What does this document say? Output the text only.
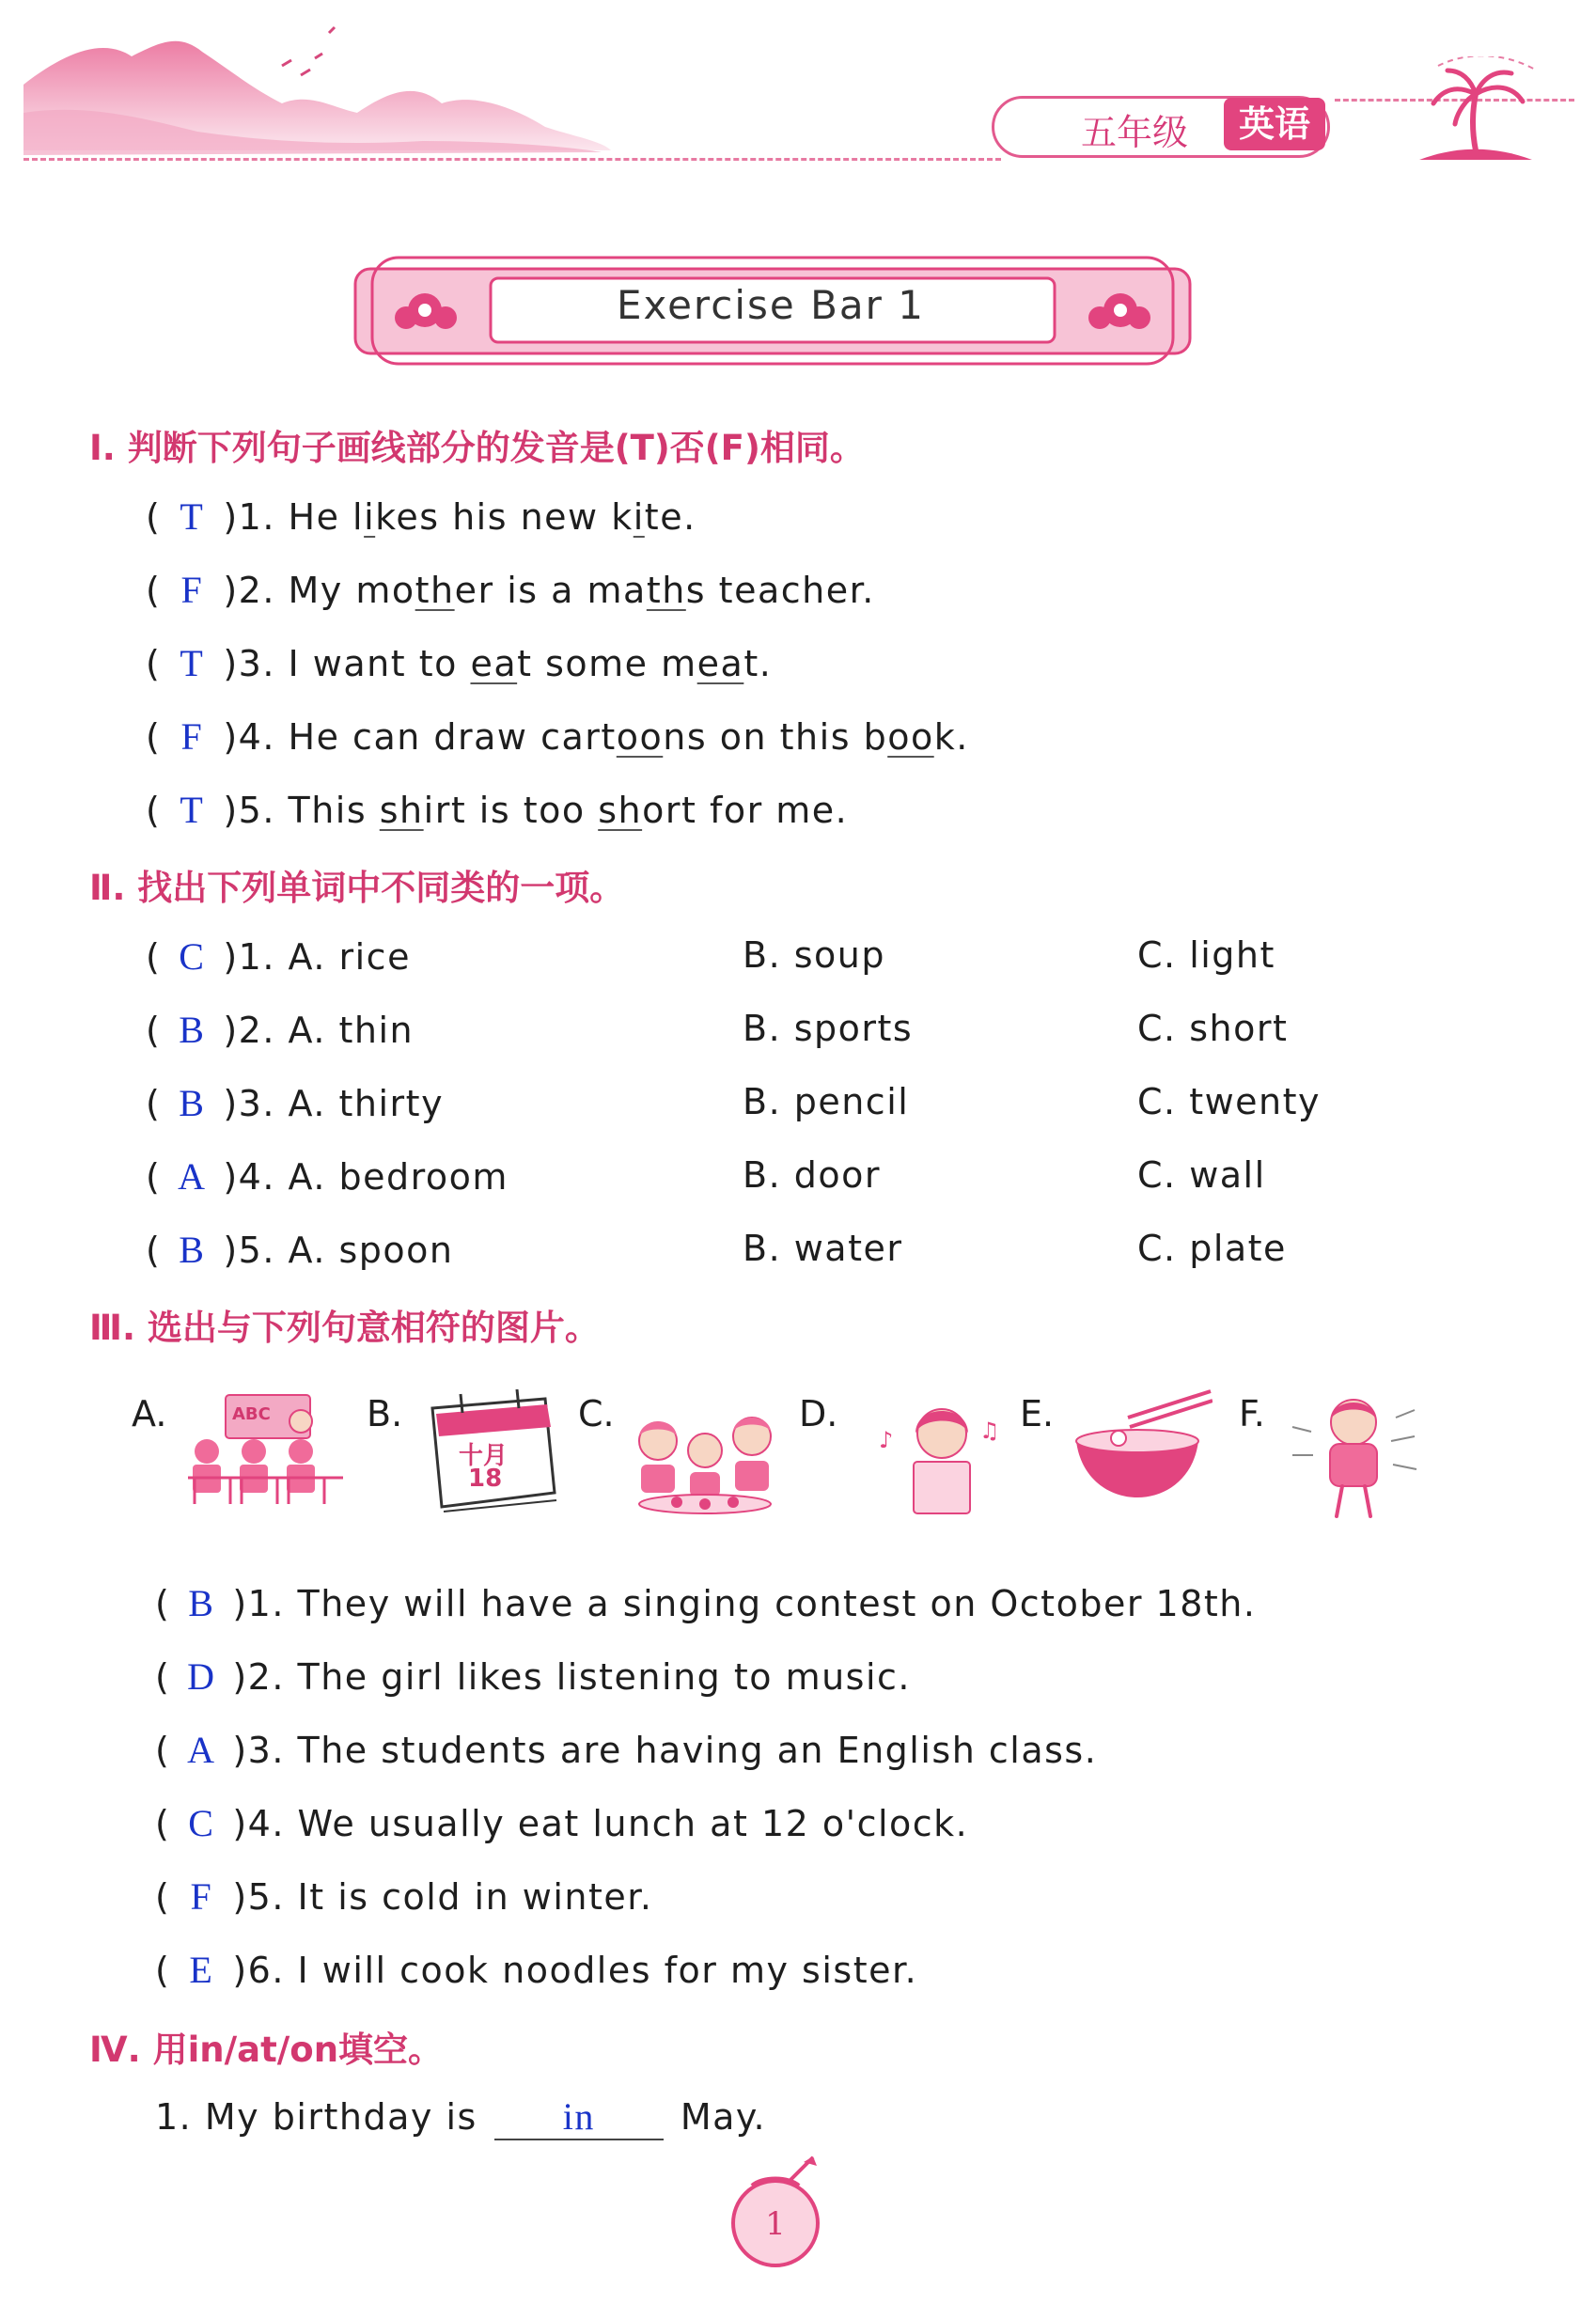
五年级	英语
Exercise Bar 1
Ⅰ. 判断下列句子画线部分的发音是(T)否(F)相同。
( T )1. He likes his new kite.
( F )2. My mother is a maths teacher.
( T )3. I want to eat some meat.
( F )4. He can draw cartoons on this book.
( T )5. This shirt is too short for me.
Ⅱ. 找出下列单词中不同类的一项。
( C )1. A. rice	B. soup	C. light
( B )2. A. thin	B. sports	C. short
( B )3. A. thirty	B. pencil	C. twenty
( A )4. A. bedroom	B. door	C. wall
( B )5. A. spoon	B. water	C. plate
Ⅲ. 选出与下列句意相符的图片。
A.	B.	C.	D.	E.	F.
ABC
十月
18
♪	♫
( B )1. They will have a singing contest on October 18th.
( D )2. The girl likes listening to music.
( A )3. The students are having an English class.
( C )4. We usually eat lunch at 12 o'clock.
( F )5. It is cold in winter.
( E )6. I will cook noodles for my sister.
Ⅳ. 用in/at/on填空。
1. My birthday is in May.
1
